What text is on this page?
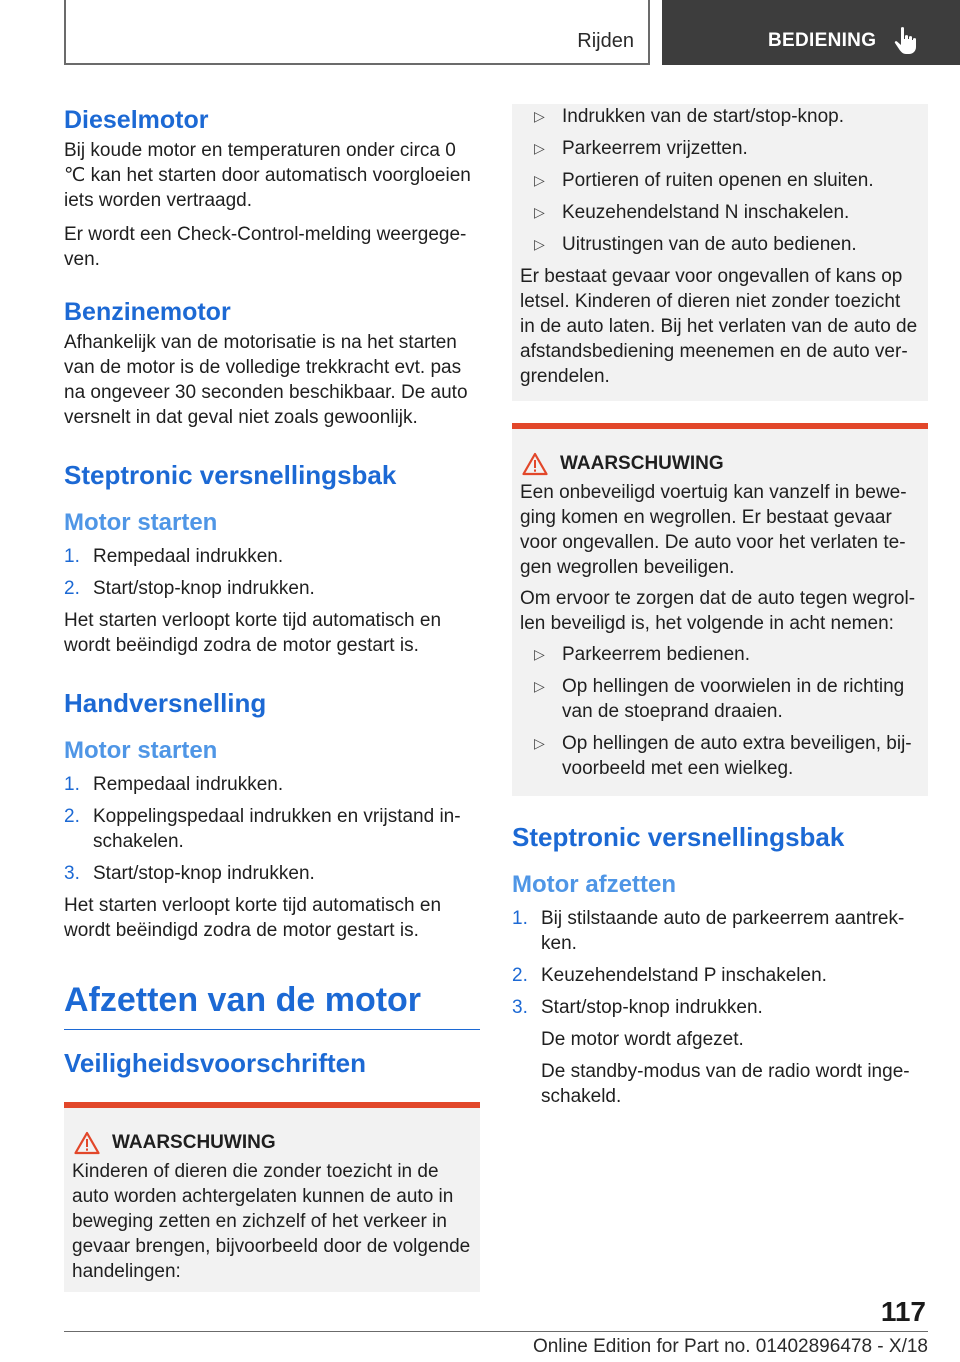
Rijden	BEDIENING
Dieselmotor

Bij koude motor en temperaturen onder circa 0 ℃ kan het starten door automatisch voorgloeien iets worden vertraagd.

Er wordt een Check-Control-melding weergegeven.

Benzinemotor

Afhankelijk van de motorisatie is na het starten van de motor is de volledige trekkracht evt. pas na ongeveer 30 seconden beschikbaar. De auto versnelt in dat geval niet zoals gewoonlijk.

Steptronic versnellingsbak
Motor starten
1. Rempedaal indrukken.
2. Start/stop-knop indrukken.

Het starten verloopt korte tijd automatisch en wordt beëindigd zodra de motor gestart is.

Handversnelling
Motor starten
1. Rempedaal indrukken.
2. Koppelingspedaal indrukken en vrijstand inschakelen.
3. Start/stop-knop indrukken.

Het starten verloopt korte tijd automatisch en wordt beëindigd zodra de motor gestart is.

Afzetten van de motor
Veiligheidsvoorschriften
WAARSCHUWING

Kinderen of dieren die zonder toezicht in de auto worden achtergelaten kunnen de auto in beweging zetten en zichzelf of het verkeer in gevaar brengen, bijvoorbeeld door de volgende handelingen:

▷ Indrukken van de start/stop-knop.
▷ Parkeerrem vrijzetten.
▷ Portieren of ruiten openen en sluiten.
▷ Keuzehendelstand N inschakelen.
▷ Uitrustingen van de auto bedienen.

Er bestaat gevaar voor ongevallen of kans op letsel. Kinderen of dieren niet zonder toezicht in de auto laten. Bij het verlaten van de auto de afstandsbediening meenemen en de auto vergrendelen.

WAARSCHUWING

Een onbeveiligd voertuig kan vanzelf in beweging komen en wegrollen. Er bestaat gevaar voor ongevallen. De auto voor het verlaten tegen wegrollen beveiligen.

Om ervoor te zorgen dat de auto tegen wegrollen beveiligd is, het volgende in acht nemen:

▷ Parkeerrem bedienen.
▷ Op hellingen de voorwielen in de richting van de stoeprand draaien.
▷ Op hellingen de auto extra beveiligen, bijvoorbeeld met een wielkeg.
Steptronic versnellingsbak
Motor afzetten
1. Bij stilstaande auto de parkeerrem aantrekken.
2. Keuzehendelstand P inschakelen.
3. Start/stop-knop indrukken.

De motor wordt afgezet.

De standby-modus van de radio wordt ingeschakeld.

117
Online Edition for Part no. 01402896478 - X/18
